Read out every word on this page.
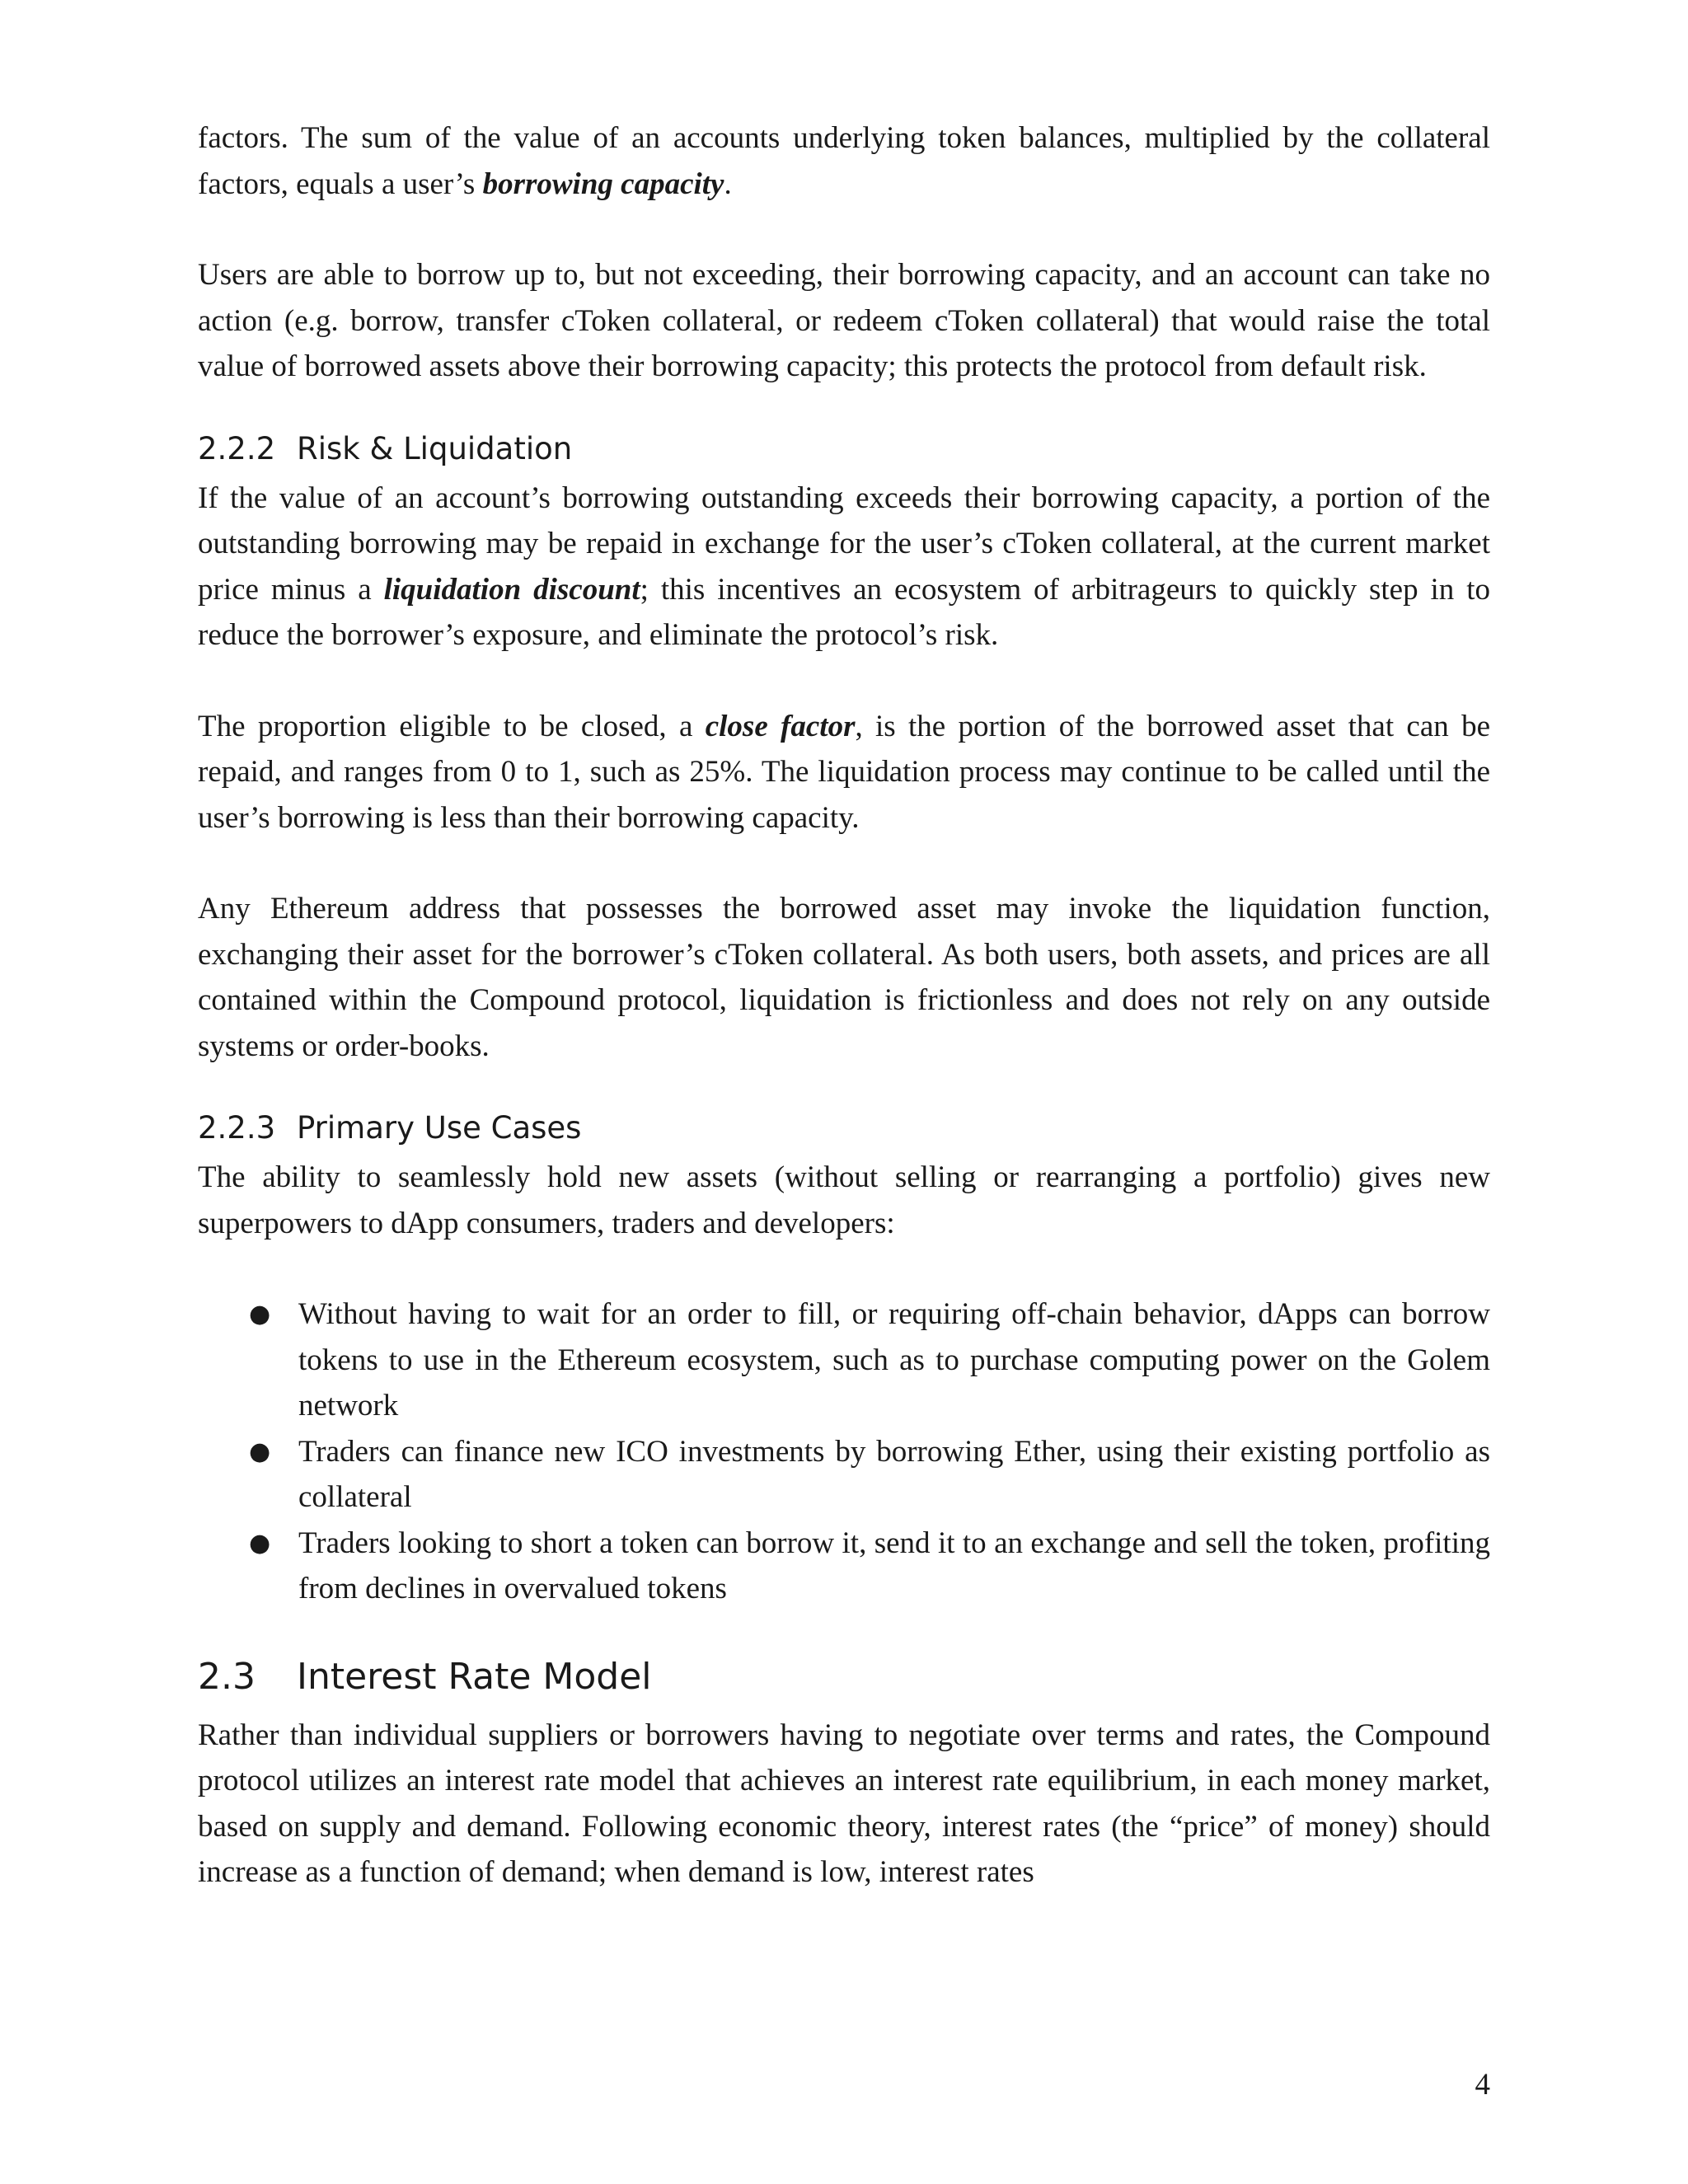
factors. The sum of the value of an accounts underlying token balances, multiplied by the collateral factors, equals a user’s borrowing capacity.

Users are able to borrow up to, but not exceeding, their borrowing capacity, and an account can take no action (e.g. borrow, transfer cToken collateral, or redeem cToken collateral) that would raise the total value of borrowed assets above their borrowing capacity; this protects the protocol from default risk.

2.2.2 Risk & Liquidation

If the value of an account’s borrowing outstanding exceeds their borrowing capacity, a portion of the outstanding borrowing may be repaid in exchange for the user’s cToken collateral, at the current market price minus a liquidation discount; this incentives an ecosystem of arbitrageurs to quickly step in to reduce the borrower’s exposure, and eliminate the protocol’s risk.

The proportion eligible to be closed, a close factor, is the portion of the borrowed asset that can be repaid, and ranges from 0 to 1, such as 25%. The liquidation process may continue to be called until the user’s borrowing is less than their borrowing capacity.

Any Ethereum address that possesses the borrowed asset may invoke the liquidation function, exchanging their asset for the borrower’s cToken collateral. As both users, both assets, and prices are all contained within the Compound protocol, liquidation is frictionless and does not rely on any outside systems or order-books.

2.2.3 Primary Use Cases

The ability to seamlessly hold new assets (without selling or rearranging a portfolio) gives new superpowers to dApp consumers, traders and developers:

● Without having to wait for an order to fill, or requiring off-chain behavior, dApps can borrow tokens to use in the Ethereum ecosystem, such as to purchase computing power on the Golem network
● Traders can finance new ICO investments by borrowing Ether, using their existing portfolio as collateral
● Traders looking to short a token can borrow it, send it to an exchange and sell the token, profiting from declines in overvalued tokens
2.3 Interest Rate Model

Rather than individual suppliers or borrowers having to negotiate over terms and rates, the Compound protocol utilizes an interest rate model that achieves an interest rate equilibrium, in each money market, based on supply and demand. Following economic theory, interest rates (the “price” of money) should increase as a function of demand; when demand is low, interest rates

4
